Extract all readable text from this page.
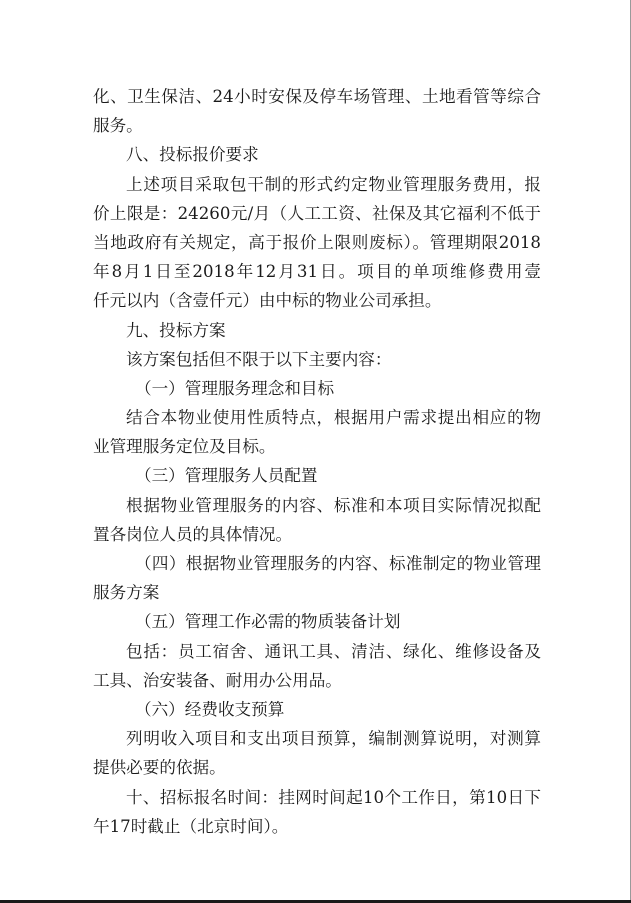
化、卫生保洁、24小时安保及停车场管理、土地看管等综合
服务。
八、投标报价要求
上述项目采取包干制的形式约定物业管理服务费用，报
价上限是：24260元/月（人工工资、社保及其它福利不低于
当地政府有关规定，高于报价上限则废标）。管理期限2018
年8月1日至2018年12月31日。项目的单项维修费用壹
仟元以内（含壹仟元）由中标的物业公司承担。
九、投标方案
该方案包括但不限于以下主要内容：
（一）管理服务理念和目标
结合本物业使用性质特点，根据用户需求提出相应的物
业管理服务定位及目标。
（三）管理服务人员配置
根据物业管理服务的内容、标准和本项目实际情况拟配
置各岗位人员的具体情况。
（四）根据物业管理服务的内容、标准制定的物业管理
服务方案
（五）管理工作必需的物质装备计划
包括：员工宿舍、通讯工具、清洁、绿化、维修设备及
工具、治安装备、耐用办公用品。
（六）经费收支预算
列明收入项目和支出项目预算，编制测算说明，对测算
提供必要的依据。
十、招标报名时间：挂网时间起10个工作日，第10日下
午17时截止（北京时间）。
